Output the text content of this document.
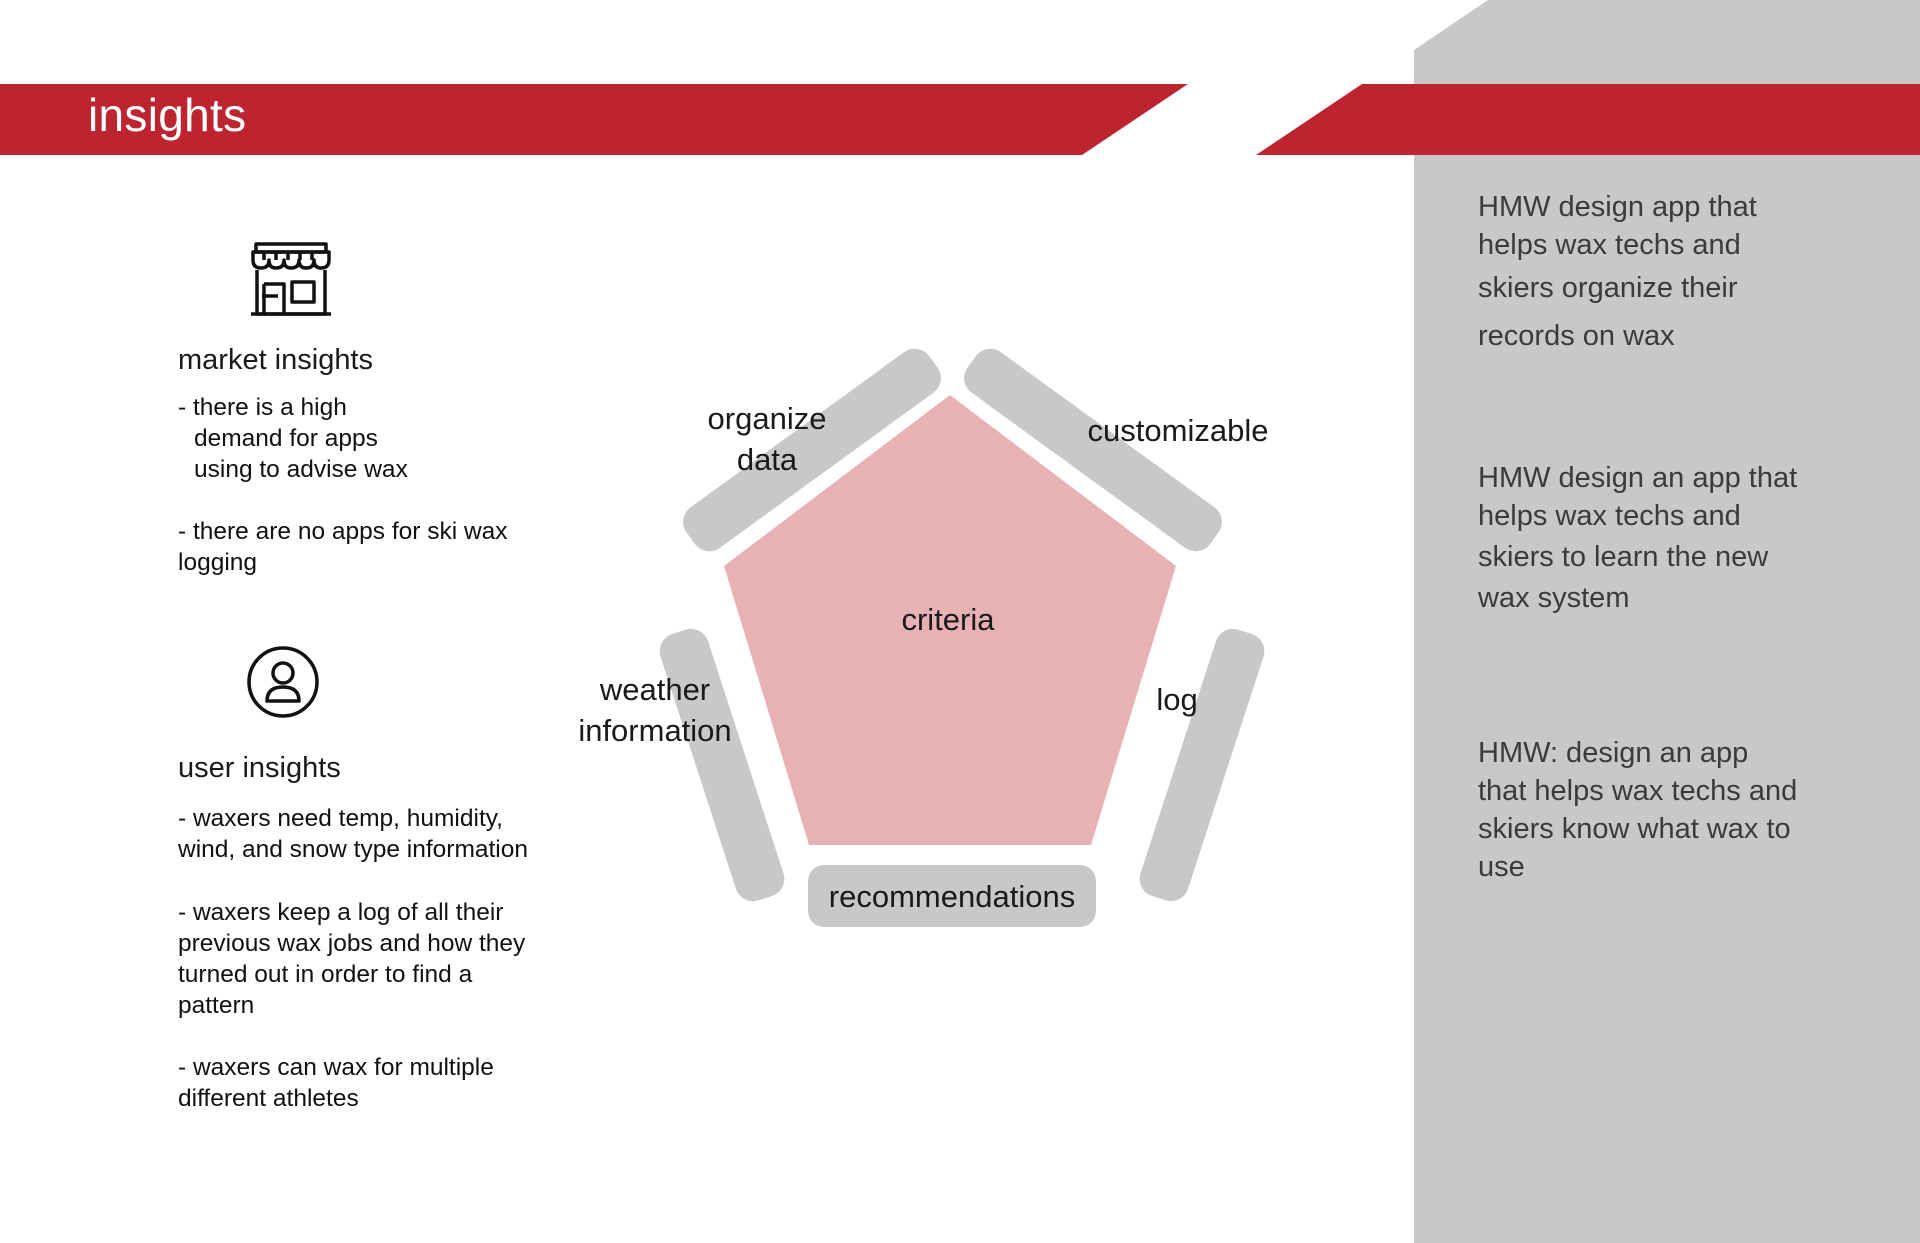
insights
market insights
- there is a high
demand for apps
using to advise wax
- there are no apps for ski wax
logging
user insights
- waxers need temp, humidity,
wind, and snow type information
- waxers keep a log of all their
previous wax jobs and how they
turned out in order to find a
pattern
- waxers can wax for multiple
different athletes
organize
data
customizable
log
recommendations
weather
information
criteria
HMW design app that
helps wax techs and
skiers organize their
records on wax
HMW design an app that
helps wax techs and
skiers to learn the new
wax system
HMW: design an app
that helps wax techs and
skiers know what wax to
use
